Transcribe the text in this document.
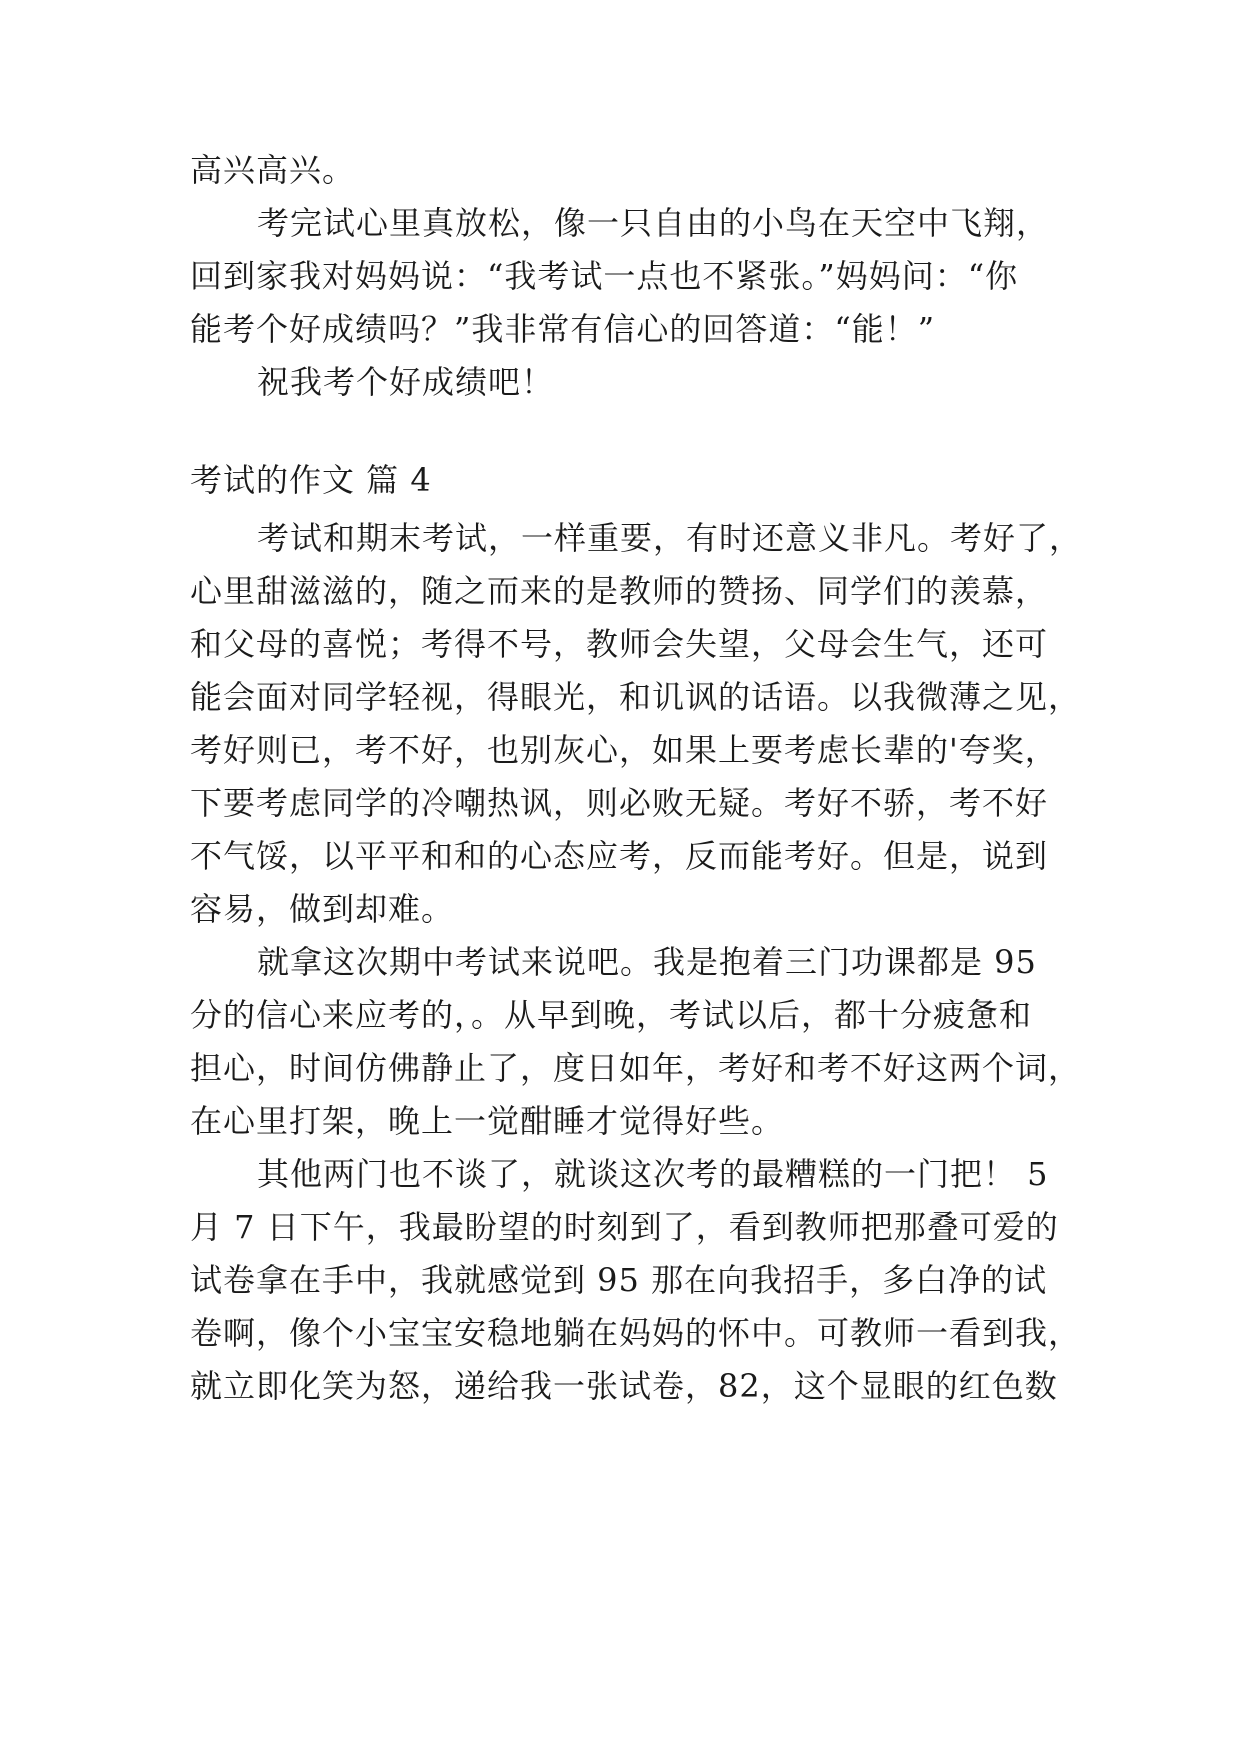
高兴高兴。
考完试心里真放松，像一只自由的小鸟在天空中飞翔，
回到家我对妈妈说：“我考试一点也不紧张。”妈妈问：“你
能考个好成绩吗？”我非常有信心的回答道：“能！”
祝我考个好成绩吧！
考试的作文 篇 4
考试和期末考试，一样重要，有时还意义非凡。考好了，
心里甜滋滋的，随之而来的是教师的赞扬、同学们的羡慕，
和父母的喜悦；考得不号，教师会失望，父母会生气，还可
能会面对同学轻视，得眼光，和讥讽的话语。以我微薄之见，
考好则已，考不好，也别灰心，如果上要考虑长辈的'夸奖，
下要考虑同学的冷嘲热讽，则必败无疑。考好不骄，考不好
不气馁，以平平和和的心态应考，反而能考好。但是，说到
容易，做到却难。
就拿这次期中考试来说吧。我是抱着三门功课都是 95
分的信心来应考的，。从早到晚，考试以后，都十分疲惫和
担心，时间仿佛静止了，度日如年，考好和考不好这两个词，
在心里打架，晚上一觉酣睡才觉得好些。
其他两门也不谈了，就谈这次考的最糟糕的一门把！ 5
月 7 日下午，我最盼望的时刻到了，看到教师把那叠可爱的
试卷拿在手中，我就感觉到 95 那在向我招手，多白净的试
卷啊，像个小宝宝安稳地躺在妈妈的怀中。可教师一看到我，
就立即化笑为怒，递给我一张试卷，82，这个显眼的红色数
